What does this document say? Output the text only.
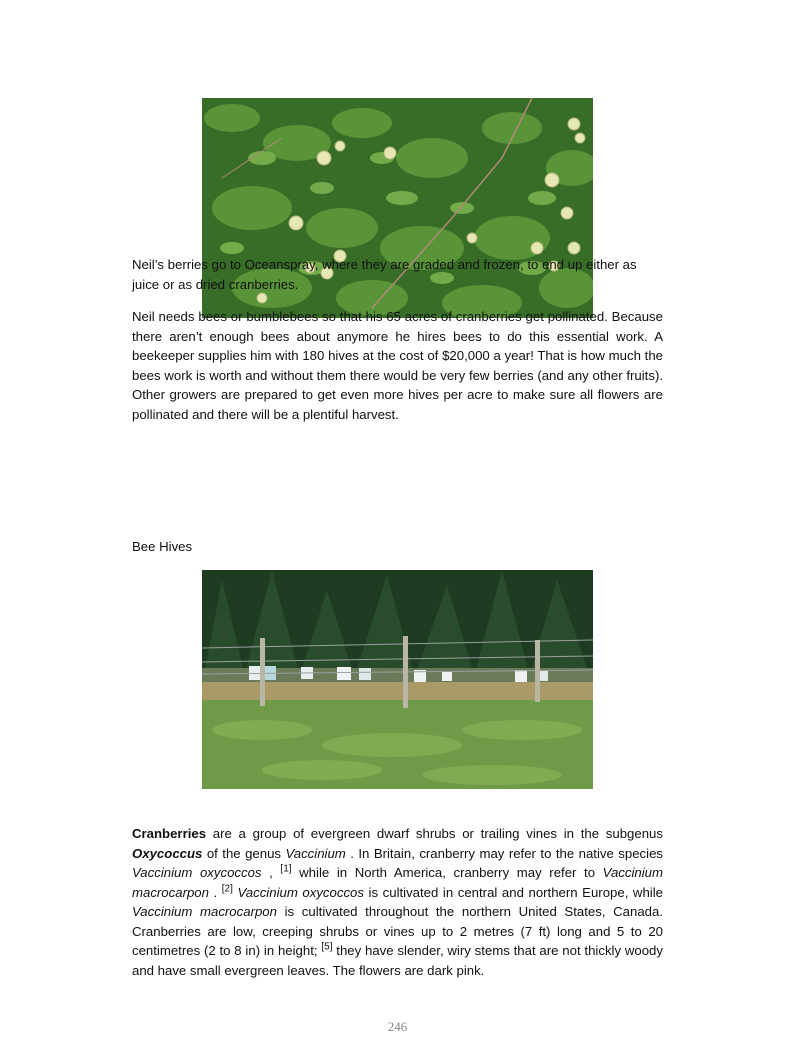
Neil’s berries go to Oceanspray, where they are graded and frozen, to end up either as juice or as dried cranberries.

Neil needs bees or bumblebees so that his 65 acres of cranberries get pollinated. Because there aren’t enough bees about anymore he hires bees to do this essential work. A beekeeper supplies him with 180 hives at the cost of $20,000 a year! That is how much the bees work is worth and without them there would be very few berries (and any other fruits). Other growers are prepared to get even more hives per acre to make sure all flowers are pollinated and there will be a plentiful harvest.

Bee Hives

Cranberries are a group of evergreen dwarf shrubs or trailing vines in the subgenus Oxycoccus of the genus Vaccinium . In Britain, cranberry may refer to the native species Vaccinium oxycoccos , [1] while in North America, cranberry may refer to Vaccinium macrocarpon . [2] Vaccinium oxycoccos is cultivated in central and northern Europe, while Vaccinium macrocarpon is cultivated throughout the northern United States, Canada. Cranberries are low, creeping shrubs or vines up to 2 metres (7 ft) long and 5 to 20 centimetres (2 to 8 in) in height; [5] they have slender, wiry stems that are not thickly woody and have small evergreen leaves. The flowers are dark pink.

246
